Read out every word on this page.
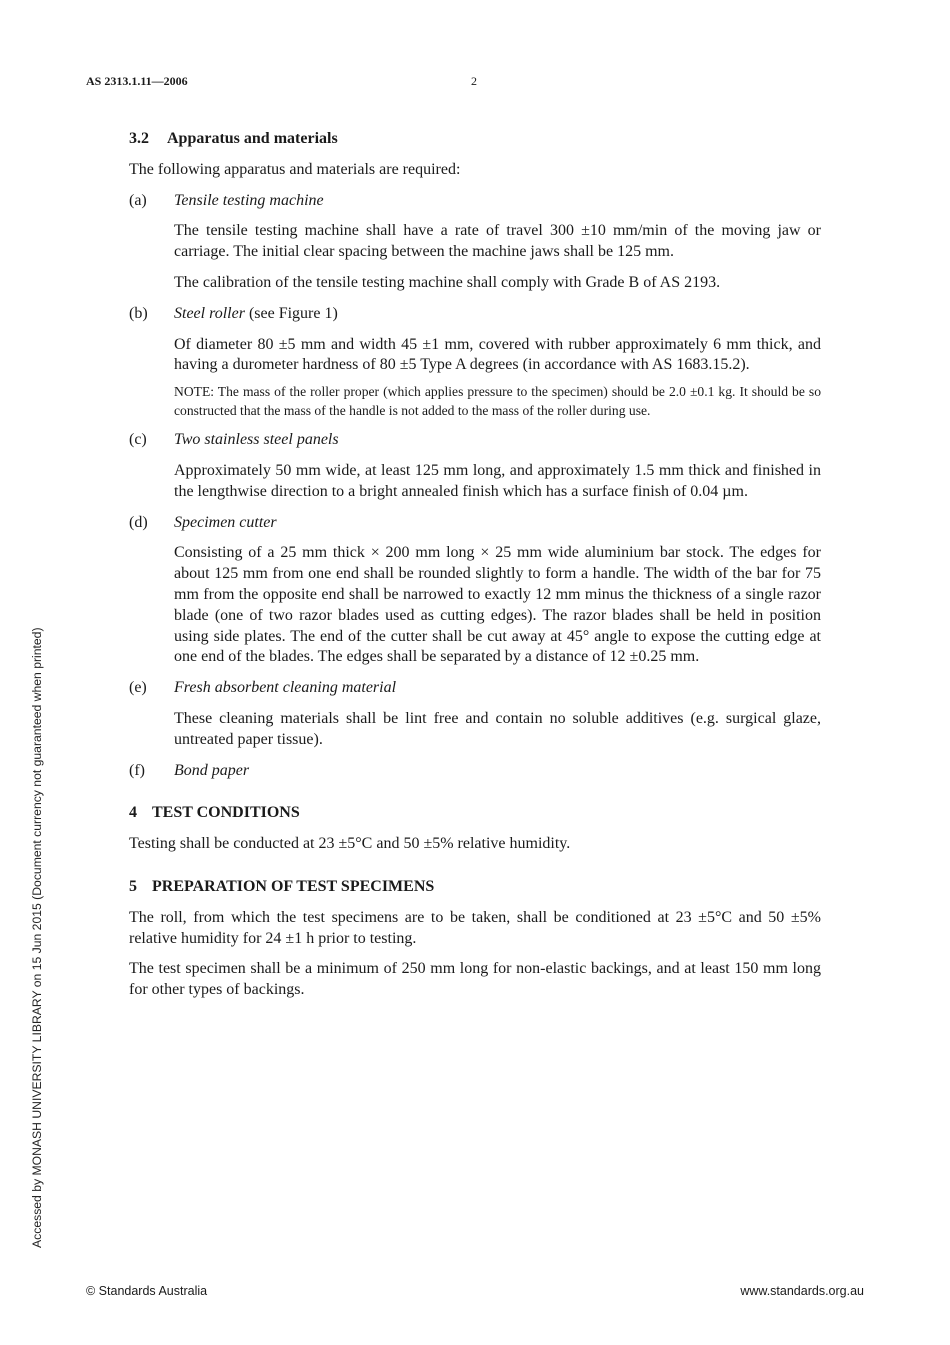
AS 2313.1.11—2006	2
Accessed by MONASH UNIVERSITY LIBRARY on 15 Jun 2015 (Document currency not guaranteed when printed)
3.2 Apparatus and materials
The following apparatus and materials are required:
(a) Tensile testing machine
The tensile testing machine shall have a rate of travel 300 ±10 mm/min of the moving jaw or carriage. The initial clear spacing between the machine jaws shall be 125 mm.
The calibration of the tensile testing machine shall comply with Grade B of AS 2193.
(b) Steel roller (see Figure 1)
Of diameter 80 ±5 mm and width 45 ±1 mm, covered with rubber approximately 6 mm thick, and having a durometer hardness of 80 ±5 Type A degrees (in accordance with AS 1683.15.2).
NOTE: The mass of the roller proper (which applies pressure to the specimen) should be 2.0 ±0.1 kg. It should be so constructed that the mass of the handle is not added to the mass of the roller during use.
(c) Two stainless steel panels
Approximately 50 mm wide, at least 125 mm long, and approximately 1.5 mm thick and finished in the lengthwise direction to a bright annealed finish which has a surface finish of 0.04 µm.
(d) Specimen cutter
Consisting of a 25 mm thick × 200 mm long × 25 mm wide aluminium bar stock. The edges for about 125 mm from one end shall be rounded slightly to form a handle. The width of the bar for 75 mm from the opposite end shall be narrowed to exactly 12 mm minus the thickness of a single razor blade (one of two razor blades used as cutting edges). The razor blades shall be held in position using side plates. The end of the cutter shall be cut away at 45° angle to expose the cutting edge at one end of the blades. The edges shall be separated by a distance of 12 ±0.25 mm.
(e) Fresh absorbent cleaning material
These cleaning materials shall be lint free and contain no soluble additives (e.g. surgical glaze, untreated paper tissue).
(f) Bond paper
4 TEST CONDITIONS
Testing shall be conducted at 23 ±5°C and 50 ±5% relative humidity.
5 PREPARATION OF TEST SPECIMENS
The roll, from which the test specimens are to be taken, shall be conditioned at 23 ±5°C and 50 ±5% relative humidity for 24 ±1 h prior to testing.
The test specimen shall be a minimum of 250 mm long for non-elastic backings, and at least 150 mm long for other types of backings.
© Standards Australia	www.standards.org.au
